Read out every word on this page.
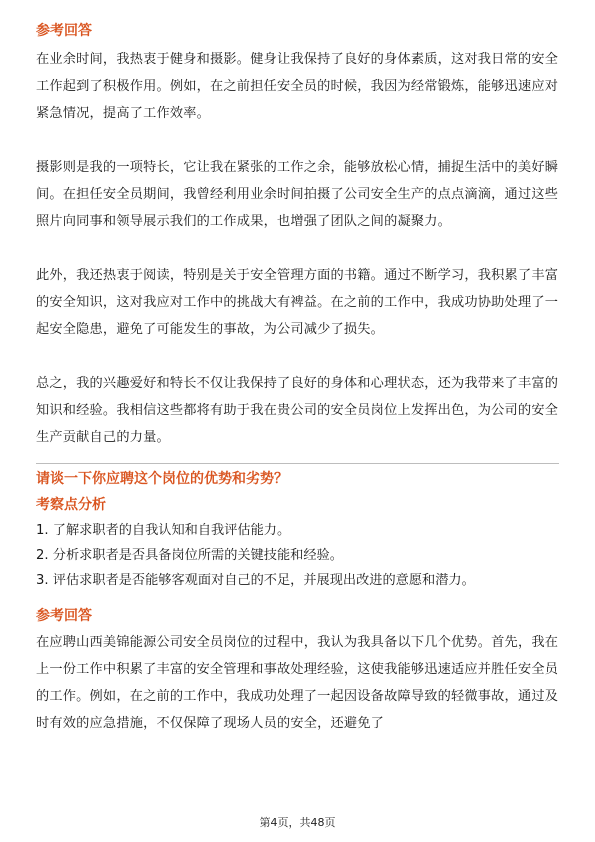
参考回答

在业余时间，我热衷于健身和摄影。健身让我保持了良好的身体素质，这对我日常的安全工作起到了积极作用。例如，在之前担任安全员的时候，我因为经常锻炼，能够迅速应对紧急情况，提高了工作效率。

摄影则是我的一项特长，它让我在紧张的工作之余，能够放松心情，捕捉生活中的美好瞬间。在担任安全员期间，我曾经利用业余时间拍摄了公司安全生产的点点滴滴，通过这些照片向同事和领导展示我们的工作成果，也增强了团队之间的凝聚力。

此外，我还热衷于阅读，特别是关于安全管理方面的书籍。通过不断学习，我积累了丰富的安全知识，这对我应对工作中的挑战大有裨益。在之前的工作中，我成功协助处理了一起安全隐患，避免了可能发生的事故，为公司减少了损失。

总之，我的兴趣爱好和特长不仅让我保持了良好的身体和心理状态，还为我带来了丰富的知识和经验。我相信这些都将有助于我在贵公司的安全员岗位上发挥出色，为公司的安全生产贡献自己的力量。

请谈一下你应聘这个岗位的优势和劣势？

考察点分析

1. 了解求职者的自我认知和自我评估能力。

2. 分析求职者是否具备岗位所需的关键技能和经验。

3. 评估求职者是否能够客观面对自己的不足，并展现出改进的意愿和潜力。

参考回答

在应聘山西美锦能源公司安全员岗位的过程中，我认为我具备以下几个优势。首先，我在上一份工作中积累了丰富的安全管理和事故处理经验，这使我能够迅速适应并胜任安全员的工作。例如，在之前的工作中，我成功处理了一起因设备故障导致的轻微事故，通过及时有效的应急措施，不仅保障了现场人员的安全，还避免了

第4页，共48页
